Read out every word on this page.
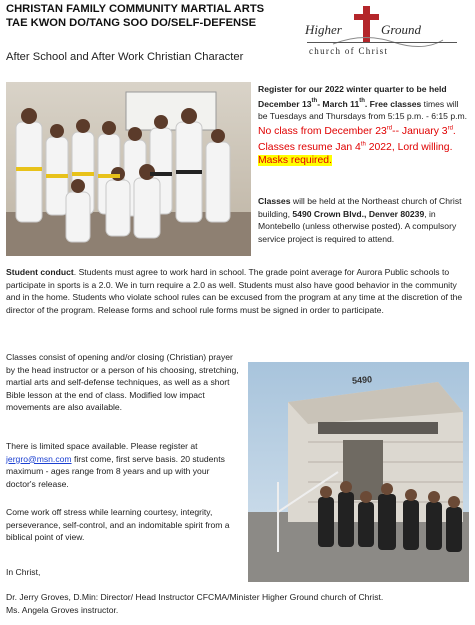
CHRISTAN FAMILY COMMUNITY MARTIAL ARTS
TAE KWON DO/TANG SOO DO/SELF-DEFENSE
After School and After Work Christian Character
Higher	Ground
church of Christ

Register for our 2022 winter quarter to be held December 13th- March 11th. Free classes times will be Tuesdays and Thursdays from 5:15 p.m. - 6:15 p.m. No class from December 23rd-- January 3rd. Classes resume Jan 4th 2022, Lord willing. Masks required.

Classes will be held at the Northeast church of Christ building, 5490 Crown Blvd., Denver 80239, in Montebello (unless otherwise posted). A compulsory service project is required to attend.

Student conduct. Students must agree to work hard in school. The grade point average for Aurora Public schools to participate in sports is a 2.0. We in turn require a 2.0 as well. Students must also have good behavior in the community and in the home. Students who violate school rules can be excused from the program at any time at the discretion of the director of the program. Release forms and school rule forms must be signed in order to participate.

Classes consist of opening and/or closing (Christian) prayer by the head instructor or a person of his choosing, stretching, martial arts and self-defense techniques, as well as a short Bible lesson at the end of class. Modified low impact movements are also available.

There is limited space available. Please register at jergro@msn.com first come, first serve basis. 20 students maximum - ages range from 8 years and up with your doctor's release.

Come work off stress while learning courtesy, integrity, perseverance, self-control, and an indomitable spirit from a biblical point of view.

In Christ,

Dr. Jerry Groves, D.Min: Director/ Head Instructor CFCMA/Minister Higher Ground church of Christ.

Ms. Angela Groves instructor.

5490
